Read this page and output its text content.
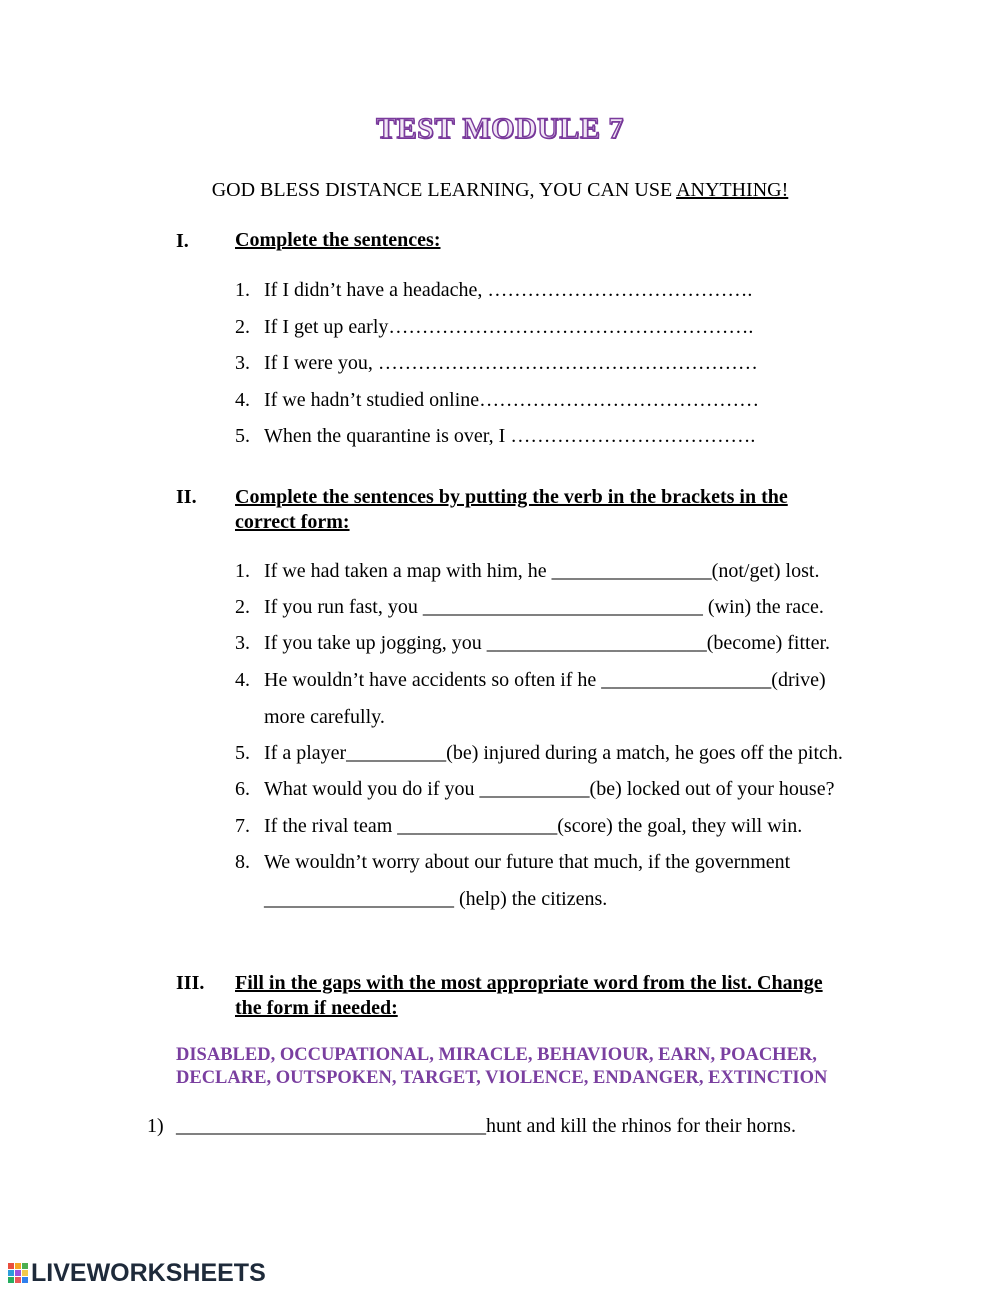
TEST MODULE 7
GOD BLESS DISTANCE LEARNING, YOU CAN USE ANYTHING!
I. Complete the sentences:
1. If I didn’t have a headache, ………………………………….
2. If I get up early……………………………………………….
3. If I were you, …………………………………………………
4. If we hadn’t studied online……………………………………
5. When the quarantine is over, I ……………………………….
II. Complete the sentences by putting the verb in the brackets in the
correct form:
1. If we had taken a map with him, he ________________(not/get) lost.
2. If you run fast, you ____________________________ (win) the race.
3. If you take up jogging, you ______________________(become) fitter.
4. He wouldn’t have accidents so often if he _________________(drive)
more carefully.
5. If a player__________(be) injured during a match, he goes off the pitch.
6. What would you do if you ___________(be) locked out of your house?
7. If the rival team ________________(score) the goal, they will win.
8. We wouldn’t worry about our future that much, if the government
___________________ (help) the citizens.
III. Fill in the gaps with the most appropriate word from the list. Change
the form if needed:
DISABLED, OCCUPATIONAL, MIRACLE, BEHAVIOUR, EARN, POACHER,
DECLARE, OUTSPOKEN, TARGET, VIOLENCE, ENDANGER, EXTINCTION
1) _______________________________hunt and kill the rhinos for their horns.
LIVEWORKSHEETS
